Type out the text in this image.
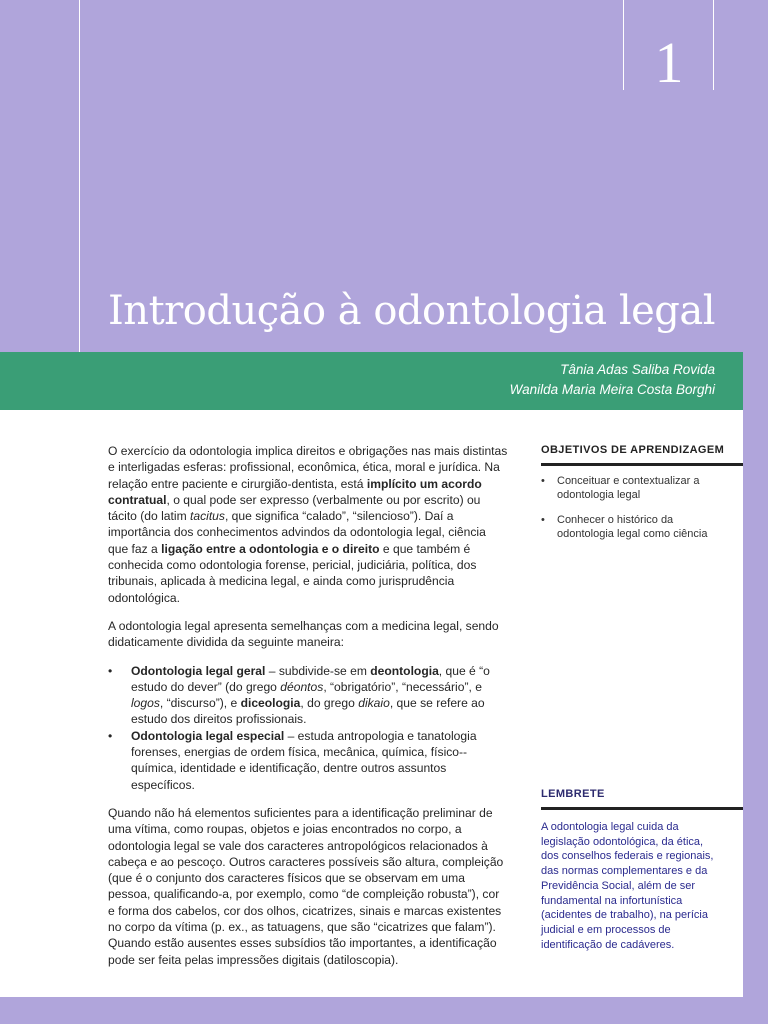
1
Introdução à odontologia legal
Tânia Adas Saliba Rovida
Wanilda Maria Meira Costa Borghi

O exercício da odontologia implica direitos e obrigações nas mais distintas e interligadas esferas: profissional, econômica, ética, moral e jurídica. Na relação entre paciente e cirurgião-dentista, está implícito um acordo contratual, o qual pode ser expresso (verbalmente ou por escrito) ou tácito (do latim tacitus, que significa “calado”, “silencioso”). Daí a importância dos conhecimentos advindos da odontologia legal, ciência que faz a ligação entre a odontologia e o direito e que também é conhecida como odontologia forense, pericial, judiciária, política, dos tribunais, aplicada à medicina legal, e ainda como jurisprudência odontológica.

A odontologia legal apresenta semelhanças com a medicina legal, sendo didaticamente dividida da seguinte maneira:

• Odontologia legal geral – subdivide-se em deontologia, que é “o estudo do dever” (do grego déontos, “obrigatório”, “necessário”, e logos, “discurso”), e diceologia, do grego dikaio, que se refere ao estudo dos direitos profissionais.
• Odontologia legal especial – estuda antropologia e tanatologia forenses, energias de ordem física, mecânica, química, físico--química, identidade e identificação, dentre outros assuntos específicos.

Quando não há elementos suficientes para a identificação preliminar de uma vítima, como roupas, objetos e joias encontrados no corpo, a odontologia legal se vale dos caracteres antropológicos relacionados à cabeça e ao pescoço. Outros caracteres possíveis são altura, compleição (que é o conjunto dos caracteres físicos que se observam em uma pessoa, qualificando-a, por exemplo, como “de compleição robusta”), cor e forma dos cabelos, cor dos olhos, cicatrizes, sinais e marcas existentes no corpo da vítima (p. ex., as tatuagens, que são “cicatrizes que falam”). Quando estão ausentes esses subsídios tão importantes, a identificação pode ser feita pelas impressões digitais (datiloscopia).

OBJETIVOS DE APRENDIZAGEM
• Conceituar e contextualizar a odontologia legal
• Conhecer o histórico da odontologia legal como ciência
LEMBRETE

A odontologia legal cuida da legislação odontológica, da ética, dos conselhos federais e regionais, das normas complementares e da Previdência Social, além de ser fundamental na infortunística (acidentes de trabalho), na perícia judicial e em processos de identificação de cadáveres.
